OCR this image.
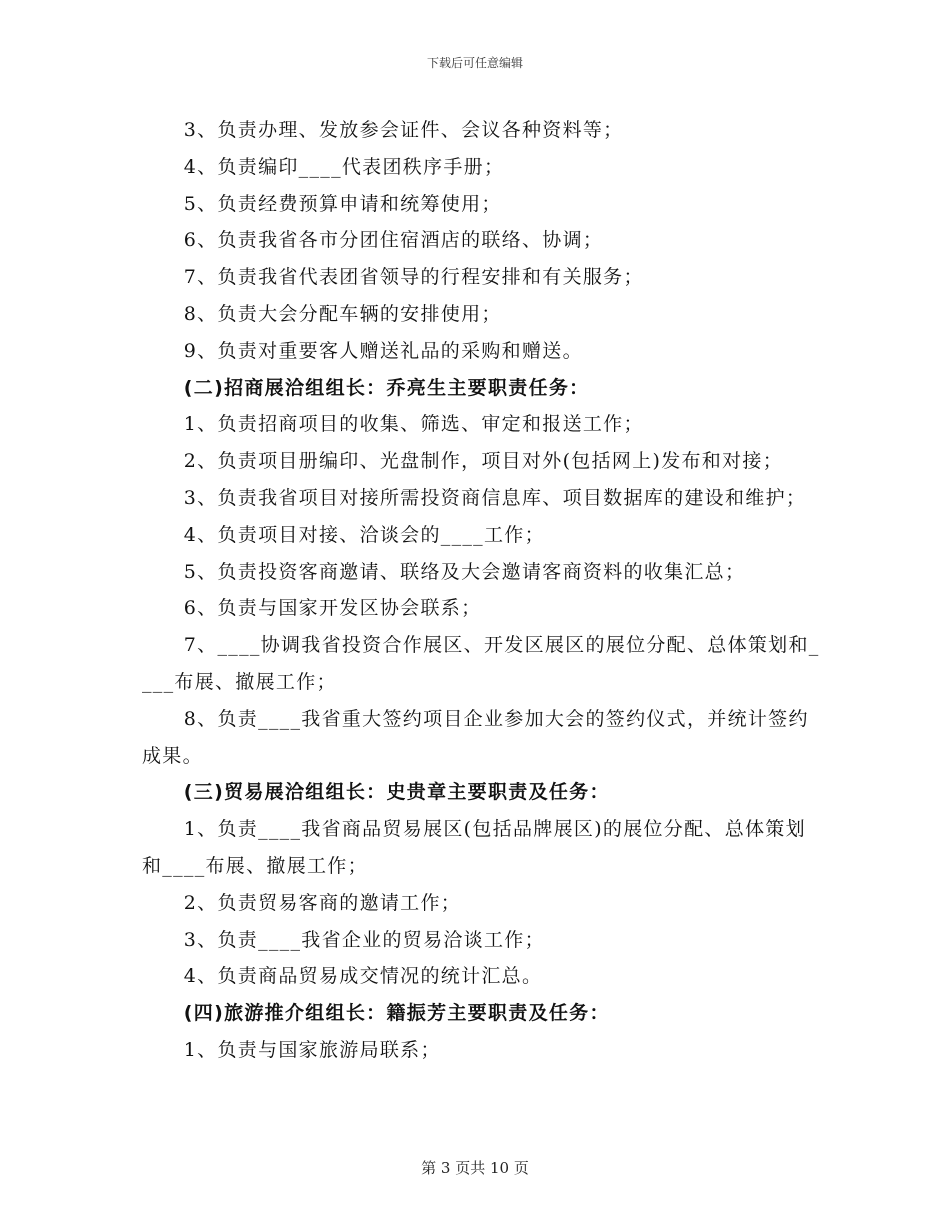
下载后可任意编辑

3、负责办理、发放参会证件、会议各种资料等；

4、负责编印____代表团秩序手册；

5、负责经费预算申请和统筹使用；

6、负责我省各市分团住宿酒店的联络、协调；

7、负责我省代表团省领导的行程安排和有关服务；

8、负责大会分配车辆的安排使用；

9、负责对重要客人赠送礼品的采购和赠送。

(二)招商展洽组组长：乔亮生主要职责任务：

1、负责招商项目的收集、筛选、审定和报送工作；

2、负责项目册编印、光盘制作，项目对外(包括网上)发布和对接；

3、负责我省项目对接所需投资商信息库、项目数据库的建设和维护；

4、负责项目对接、洽谈会的____工作；

5、负责投资客商邀请、联络及大会邀请客商资料的收集汇总；

6、负责与国家开发区协会联系；

7、____协调我省投资合作展区、开发区展区的展位分配、总体策划和____布展、撤展工作；

8、负责____我省重大签约项目企业参加大会的签约仪式，并统计签约成果。

(三)贸易展洽组组长：史贵章主要职责及任务：

1、负责____我省商品贸易展区(包括品牌展区)的展位分配、总体策划和____布展、撤展工作；

2、负责贸易客商的邀请工作；

3、负责____我省企业的贸易洽谈工作；

4、负责商品贸易成交情况的统计汇总。

(四)旅游推介组组长：籍振芳主要职责及任务：

1、负责与国家旅游局联系；

第 3 页共 10 页
